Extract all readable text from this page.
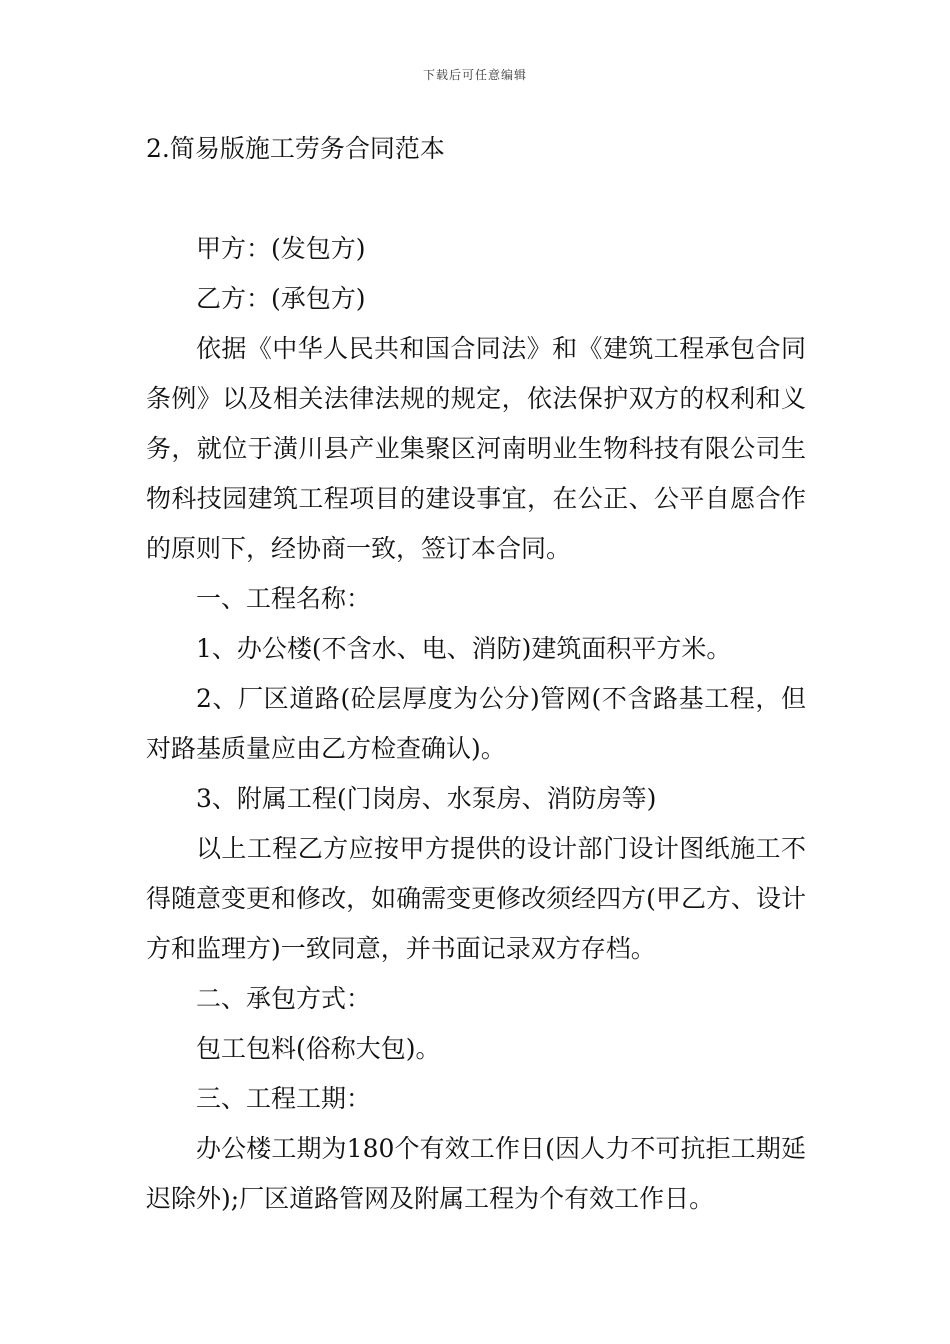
下载后可任意编辑
2.简易版施工劳务合同范本

甲方：(发包方)

乙方：(承包方)

依据《中华人民共和国合同法》和《建筑工程承包合同条例》以及相关法律法规的规定，依法保护双方的权利和义务，就位于潢川县产业集聚区河南明业生物科技有限公司生物科技园建筑工程项目的建设事宜，在公正、公平自愿合作的原则下，经协商一致，签订本合同。

一、工程名称：

1、办公楼(不含水、电、消防)建筑面积平方米。

2、厂区道路(砼层厚度为公分)管网(不含路基工程，但对路基质量应由乙方检查确认)。

3、附属工程(门岗房、水泵房、消防房等)

以上工程乙方应按甲方提供的设计部门设计图纸施工不得随意变更和修改，如确需变更修改须经四方(甲乙方、设计方和监理方)一致同意，并书面记录双方存档。

二、承包方式：

包工包料(俗称大包)。

三、工程工期：

办公楼工期为180个有效工作日(因人力不可抗拒工期延迟除外);厂区道路管网及附属工程为个有效工作日。
